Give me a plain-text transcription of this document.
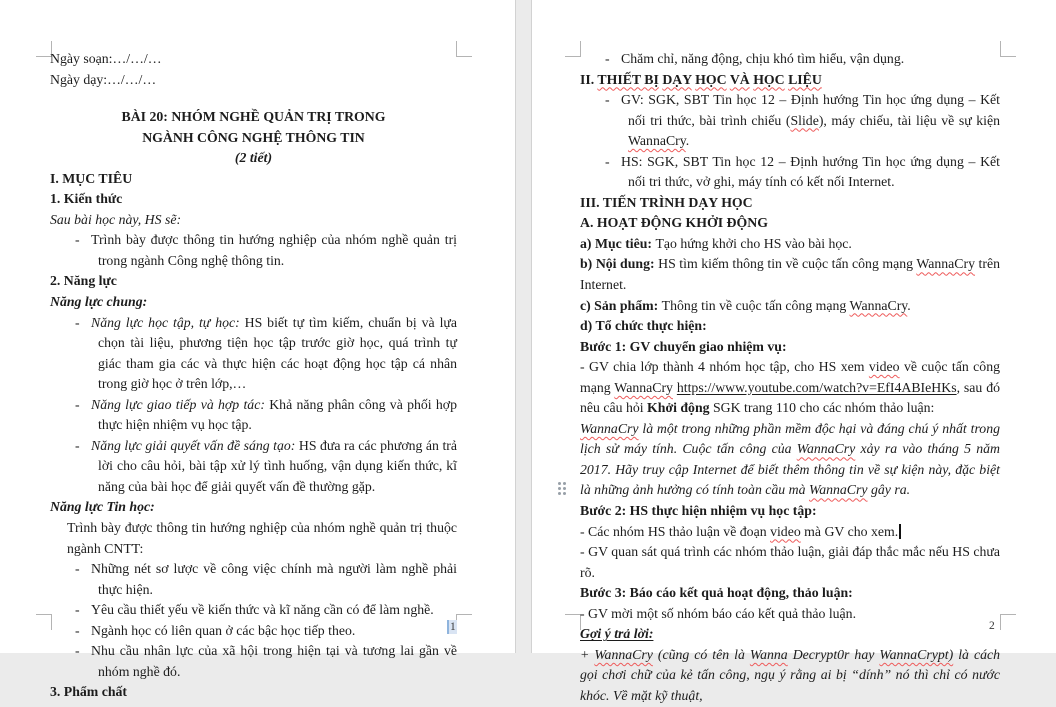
Ngày soạn:…/…/…
Ngày dạy:…/…/…
BÀI 20: NHÓM NGHỀ QUẢN TRỊ TRONG
NGÀNH CÔNG NGHỆ THÔNG TIN
(2 tiết)
I. MỤC TIÊU
1. Kiến thức
Sau bài học này, HS sẽ:
- Trình bày được thông tin hướng nghiệp của nhóm nghề quản trị trong ngành Công nghệ thông tin.
2. Năng lực
Năng lực chung:
- Năng lực học tập, tự học: HS biết tự tìm kiếm, chuẩn bị và lựa chọn tài liệu, phương tiện học tập trước giờ học, quá trình tự giác tham gia các và thực hiện các hoạt động học tập cá nhân trong giờ học ở trên lớp,…
- Năng lực giao tiếp và hợp tác: Khả năng phân công và phối hợp thực hiện nhiệm vụ học tập.
- Năng lực giải quyết vấn đề sáng tạo: HS đưa ra các phương án trả lời cho câu hỏi, bài tập xử lý tình huống, vận dụng kiến thức, kĩ năng của bài học để giải quyết vấn đề thường gặp.
Năng lực Tin học:
Trình bày được thông tin hướng nghiệp của nhóm nghề quản trị thuộc ngành CNTT:
- Những nét sơ lược về công việc chính mà người làm nghề phải thực hiện.
- Yêu cầu thiết yếu về kiến thức và kĩ năng cần có để làm nghề.
- Ngành học có liên quan ở các bậc học tiếp theo.
- Nhu cầu nhân lực của xã hội trong hiện tại và tương lai gần về nhóm nghề đó.
3. Phẩm chất
1
- Chăm chỉ, năng động, chịu khó tìm hiểu, vận dụng.
II. THIẾT BỊ DẠY HỌC VÀ HỌC LIỆU
- GV: SGK, SBT Tin học 12 – Định hướng Tin học ứng dụng – Kết nối tri thức, bài trình chiếu (Slide), máy chiếu, tài liệu về sự kiện WannaCry.
- HS: SGK, SBT Tin học 12 – Định hướng Tin học ứng dụng – Kết nối tri thức, vở ghi, máy tính có kết nối Internet.
III. TIẾN TRÌNH DẠY HỌC
A. HOẠT ĐỘNG KHỞI ĐỘNG
a) Mục tiêu: Tạo hứng khởi cho HS vào bài học.
b) Nội dung: HS tìm kiếm thông tin về cuộc tấn công mạng WannaCry trên Internet.
c) Sản phẩm: Thông tin về cuộc tấn công mạng WannaCry.
d) Tổ chức thực hiện:
Bước 1: GV chuyển giao nhiệm vụ:
- GV chia lớp thành 4 nhóm học tập, cho HS xem video về cuộc tấn công mạng WannaCry https://www.youtube.com/watch?v=EfI4ABIeHKs, sau đó nêu câu hỏi Khởi động SGK trang 110 cho các nhóm thảo luận:
WannaCry là một trong những phần mềm độc hại và đáng chú ý nhất trong lịch sử máy tính. Cuộc tấn công của WannaCry xảy ra vào tháng 5 năm 2017. Hãy truy cập Internet để biết thêm thông tin về sự kiện này, đặc biệt là những ảnh hưởng có tính toàn cầu mà WannaCry gây ra.
Bước 2: HS thực hiện nhiệm vụ học tập:
- Các nhóm HS thảo luận về đoạn video mà GV cho xem.
- GV quan sát quá trình các nhóm thảo luận, giải đáp thắc mắc nếu HS chưa rõ.
Bước 3: Báo cáo kết quả hoạt động, thảo luận:
- GV mời một số nhóm báo cáo kết quả thảo luận.
Gợi ý trả lời:
+ WannaCry (cũng có tên là Wanna Decrypt0r hay WannaCrypt) là cách gọi chơi chữ của kẻ tấn công, ngụ ý rằng ai bị “dính” nó thì chỉ có nước khóc. Về mặt kỹ thuật,
2
